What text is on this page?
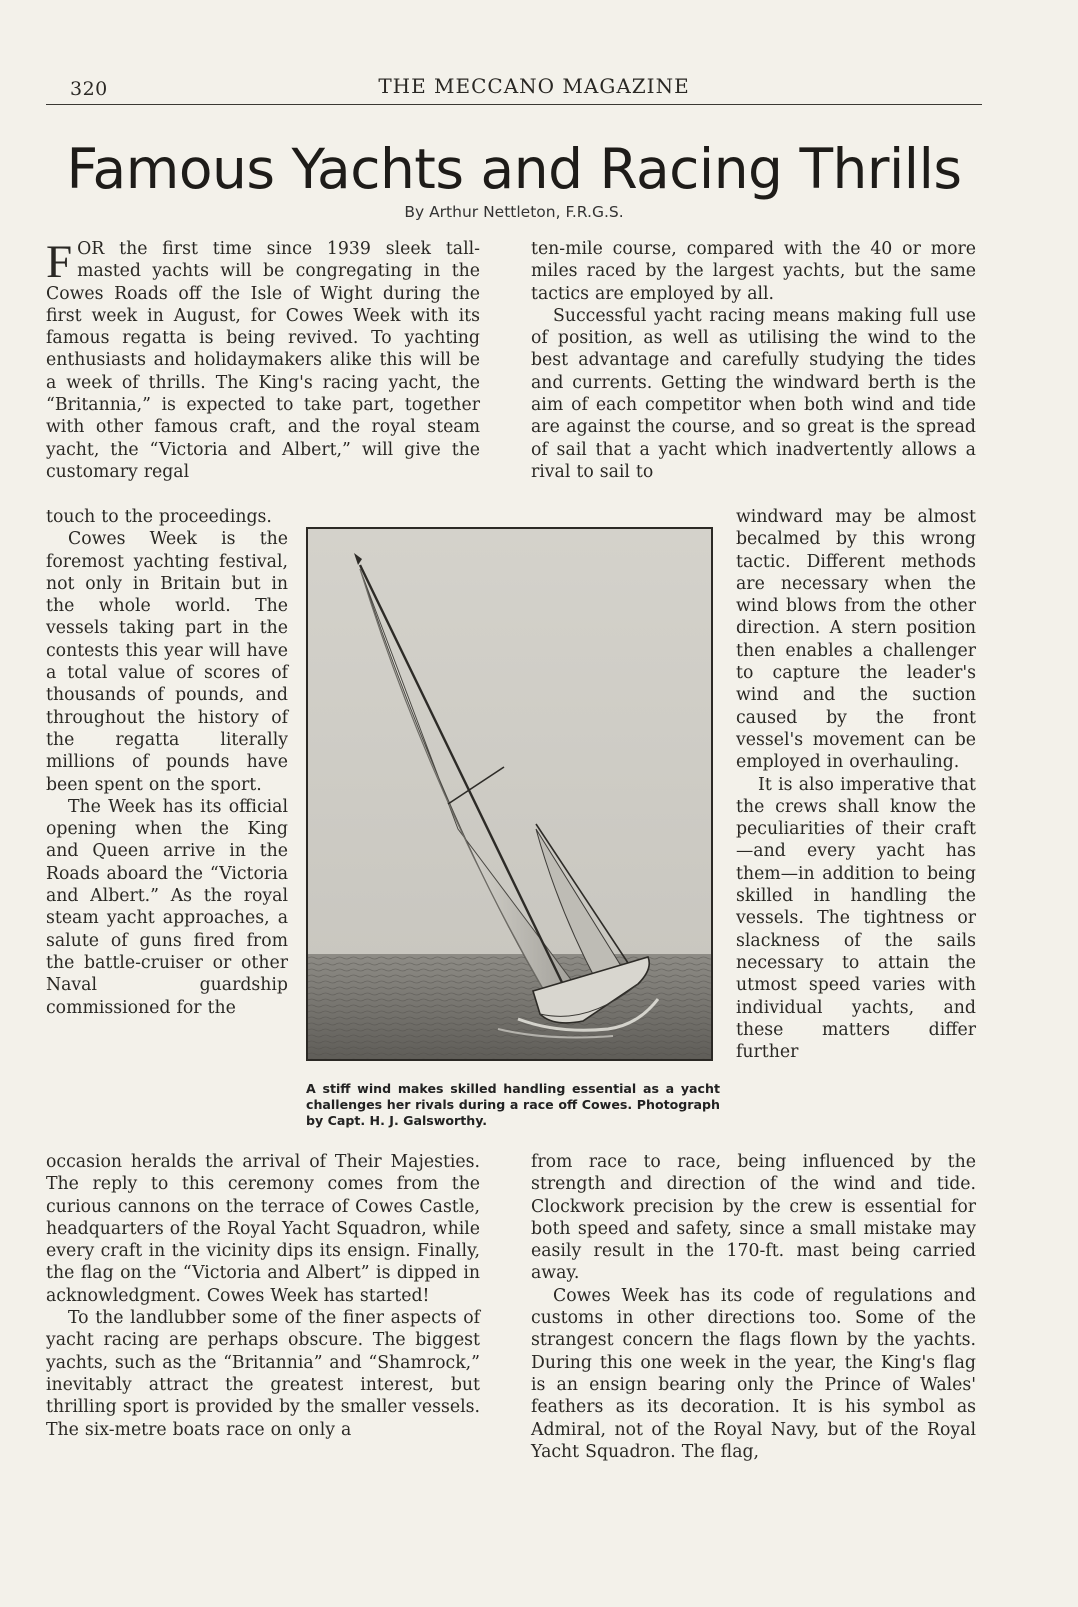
320	THE MECCANO MAGAZINE
Famous Yachts and Racing Thrills
By Arthur Nettleton, F.R.G.S.

FOR the first time since 1939 sleek tall-masted yachts will be congregating in the Cowes Roads off the Isle of Wight during the first week in August, for Cowes Week with its famous regatta is being revived. To yachting enthusiasts and holidaymakers alike this will be a week of thrills. The King's racing yacht, the “Britannia,” is expected to take part, together with other famous craft, and the royal steam yacht, the “Victoria and Albert,” will give the customary regal

touch to the proceedings.

Cowes Week is the foremost yachting festival, not only in Britain but in the whole world. The vessels taking part in the contests this year will have a total value of scores of thousands of pounds, and throughout the history of the regatta literally millions of pounds have been spent on the sport.

The Week has its official opening when the King and Queen arrive in the Roads aboard the “Victoria and Albert.” As the royal steam yacht approaches, a salute of guns fired from the battle-cruiser or other Naval guardship commissioned for the

occasion heralds the arrival of Their Majesties. The reply to this ceremony comes from the curious cannons on the terrace of Cowes Castle, headquarters of the Royal Yacht Squadron, while every craft in the vicinity dips its ensign. Finally, the flag on the “Victoria and Albert” is dipped in acknowledgment. Cowes Week has started!

To the landlubber some of the finer aspects of yacht racing are perhaps obscure. The biggest yachts, such as the “Britannia” and “Shamrock,” inevitably attract the greatest interest, but thrilling sport is provided by the smaller vessels. The six-metre boats race on only a

ten-mile course, compared with the 40 or more miles raced by the largest yachts, but the same tactics are employed by all.

Successful yacht racing means making full use of position, as well as utilising the wind to the best advantage and carefully studying the tides and currents. Getting the windward berth is the aim of each competitor when both wind and tide are against the course, and so great is the spread of sail that a yacht which inadvertently allows a rival to sail to

windward may be almost becalmed by this wrong tactic. Different methods are necessary when the wind blows from the other direction. A stern position then enables a challenger to capture the leader's wind and the suction caused by the front vessel's movement can be employed in overhauling.

It is also imperative that the crews shall know the peculiarities of their craft—and every yacht has them—in addition to being skilled in handling the vessels. The tightness or slackness of the sails necessary to attain the utmost speed varies with individual yachts, and these matters differ further

from race to race, being influenced by the strength and direction of the wind and tide. Clockwork precision by the crew is essential for both speed and safety, since a small mistake may easily result in the 170-ft. mast being carried away.

Cowes Week has its code of regulations and customs in other directions too. Some of the strangest concern the flags flown by the yachts. During this one week in the year, the King's flag is an ensign bearing only the Prince of Wales' feathers as its decoration. It is his symbol as Admiral, not of the Royal Navy, but of the Royal Yacht Squadron. The flag,

A stiff wind makes skilled handling essential as a yacht challenges her rivals during a race off Cowes. Photograph by Capt. H. J. Galsworthy.
